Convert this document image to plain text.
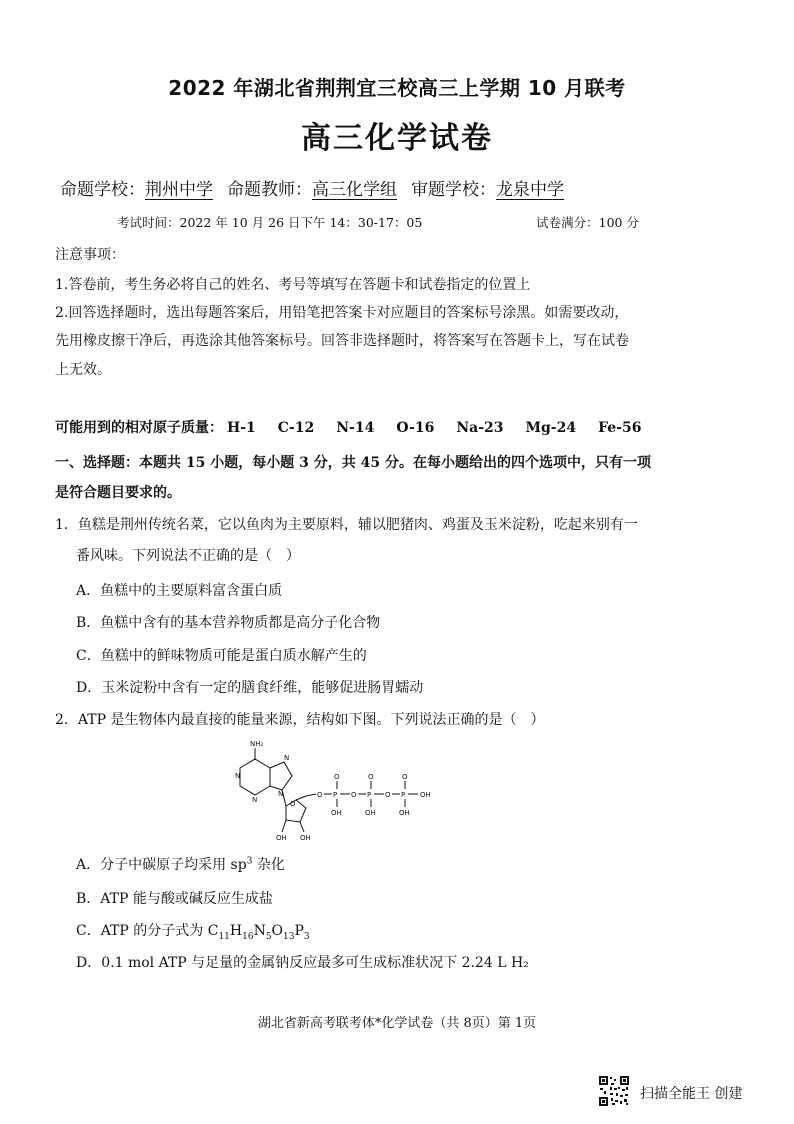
2022 年湖北省荆荆宜三校高三上学期 10 月联考
高三化学试卷
命题学校：荆州中学 命题教师：高三化学组 审题学校：龙泉中学
考试时间：2022 年 10 月 26 日下午 14：30-17：05	试卷满分：100 分
注意事项：
1.答卷前，考生务必将自己的姓名、考号等填写在答题卡和试卷指定的位置上
2.回答选择题时，选出每题答案后，用铅笔把答案卡对应题目的答案标号涂黑。如需要改动，
先用橡皮擦干净后，再选涂其他答案标号。回答非选择题时，将答案写在答题卡上，写在试卷
上无效。
可能用到的相对原子质量： H-1 C-12 N-14 O-16 Na-23 Mg-24 Fe-56
一、选择题：本题共 15 小题，每小题 3 分，共 45 分。在每小题给出的四个选项中，只有一项
是符合题目要求的。
1．鱼糕是荆州传统名菜，它以鱼肉为主要原料，辅以肥猪肉、鸡蛋及玉米淀粉，吃起来别有一
番风味。下列说法不正确的是（　）
A．鱼糕中的主要原料富含蛋白质
B．鱼糕中含有的基本营养物质都是高分子化合物
C．鱼糕中的鲜味物质可能是蛋白质水解产生的
D．玉米淀粉中含有一定的膳食纤维，能够促进肠胃蠕动
2．ATP 是生物体内最直接的能量来源，结构如下图。下列说法正确的是（　）
NH₂
N
N
N
N
O
O P O P O P OH
O	O	O
OH	OH	OH
OH
OH
A．分子中碳原子均采用 $sp^3$ 杂化
B．ATP 能与酸或碱反应生成盐
C．ATP 的分子式为 $C_{11}H_{16}N_5O_{13}P_3$
D．0.1 mol ATP 与足量的金属钠反应最多可生成标准状况下 2.24 L H₂
湖北省新高考联考体*化学试卷（共 8页）第 1页
扫描全能王 创建
